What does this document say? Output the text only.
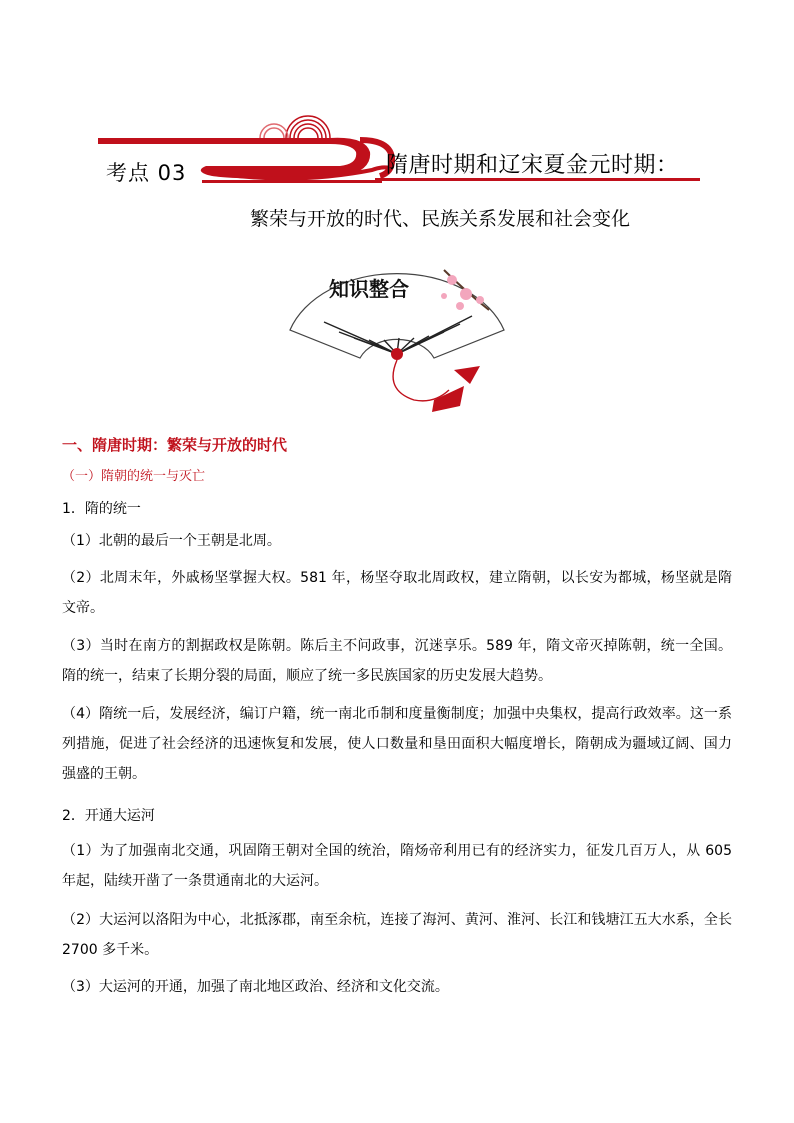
考点 03	隋唐时期和辽宋夏金元时期：
繁荣与开放的时代、民族关系发展和社会变化
知识整合
一、隋唐时期：繁荣与开放的时代
（一）隋朝的统一与灭亡

1．隋的统一

（1）北朝的最后一个王朝是北周。

（2）北周末年，外戚杨坚掌握大权。581 年，杨坚夺取北周政权，建立隋朝，以长安为都城，杨坚就是隋文帝。

（3）当时在南方的割据政权是陈朝。陈后主不问政事，沉迷享乐。589 年，隋文帝灭掉陈朝，统一全国。隋的统一，结束了长期分裂的局面，顺应了统一多民族国家的历史发展大趋势。

（4）隋统一后，发展经济，编订户籍，统一南北币制和度量衡制度；加强中央集权，提高行政效率。这一系列措施，促进了社会经济的迅速恢复和发展，使人口数量和垦田面积大幅度增长，隋朝成为疆域辽阔、国力强盛的王朝。

2．开通大运河

（1）为了加强南北交通，巩固隋王朝对全国的统治，隋炀帝利用已有的经济实力，征发几百万人，从 605 年起，陆续开凿了一条贯通南北的大运河。

（2）大运河以洛阳为中心，北抵涿郡，南至余杭，连接了海河、黄河、淮河、长江和钱塘江五大水系，全长 2700 多千米。

（3）大运河的开通，加强了南北地区政治、经济和文化交流。
